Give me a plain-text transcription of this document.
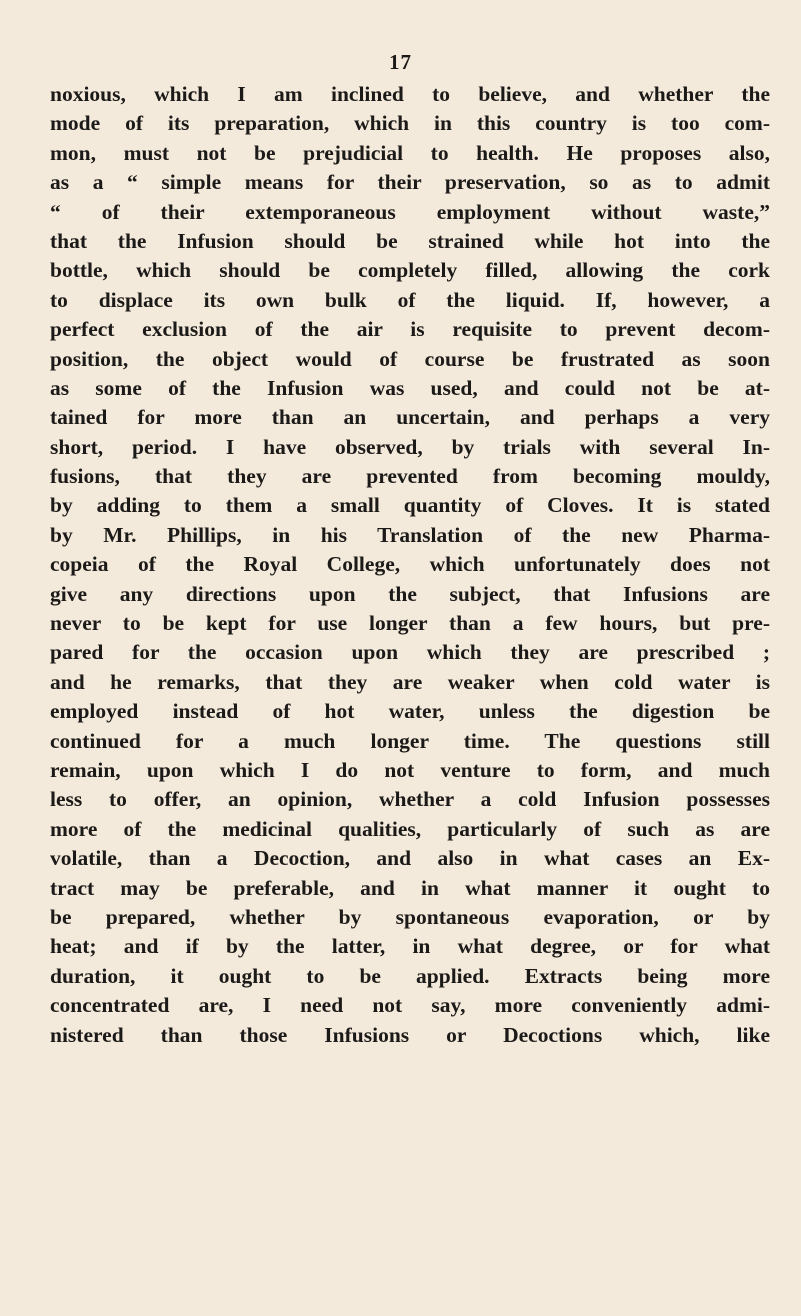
17
noxious, which I am inclined to believe, and whether the
mode of its preparation, which in this country is too com-
mon, must not be prejudicial to health. He proposes also,
as a “ simple means for their preservation, so as to admit
“ of their extemporaneous employment without waste,”
that the Infusion should be strained while hot into the
bottle, which should be completely filled, allowing the cork
to displace its own bulk of the liquid. If, however, a
perfect exclusion of the air is requisite to prevent decom-
position, the object would of course be frustrated as soon
as some of the Infusion was used, and could not be at-
tained for more than an uncertain, and perhaps a very
short, period. I have observed, by trials with several In-
fusions, that they are prevented from becoming mouldy,
by adding to them a small quantity of Cloves. It is stated
by Mr. Phillips, in his Translation of the new Pharma-
copeia of the Royal College, which unfortunately does not
give any directions upon the subject, that Infusions are
never to be kept for use longer than a few hours, but pre-
pared for the occasion upon which they are prescribed ;
and he remarks, that they are weaker when cold water is
employed instead of hot water, unless the digestion be
continued for a much longer time. The questions still
remain, upon which I do not venture to form, and much
less to offer, an opinion, whether a cold Infusion possesses
more of the medicinal qualities, particularly of such as are
volatile, than a Decoction, and also in what cases an Ex-
tract may be preferable, and in what manner it ought to
be prepared, whether by spontaneous evaporation, or by
heat; and if by the latter, in what degree, or for what
duration, it ought to be applied. Extracts being more
concentrated are, I need not say, more conveniently admi-
nistered than those Infusions or Decoctions which, like
